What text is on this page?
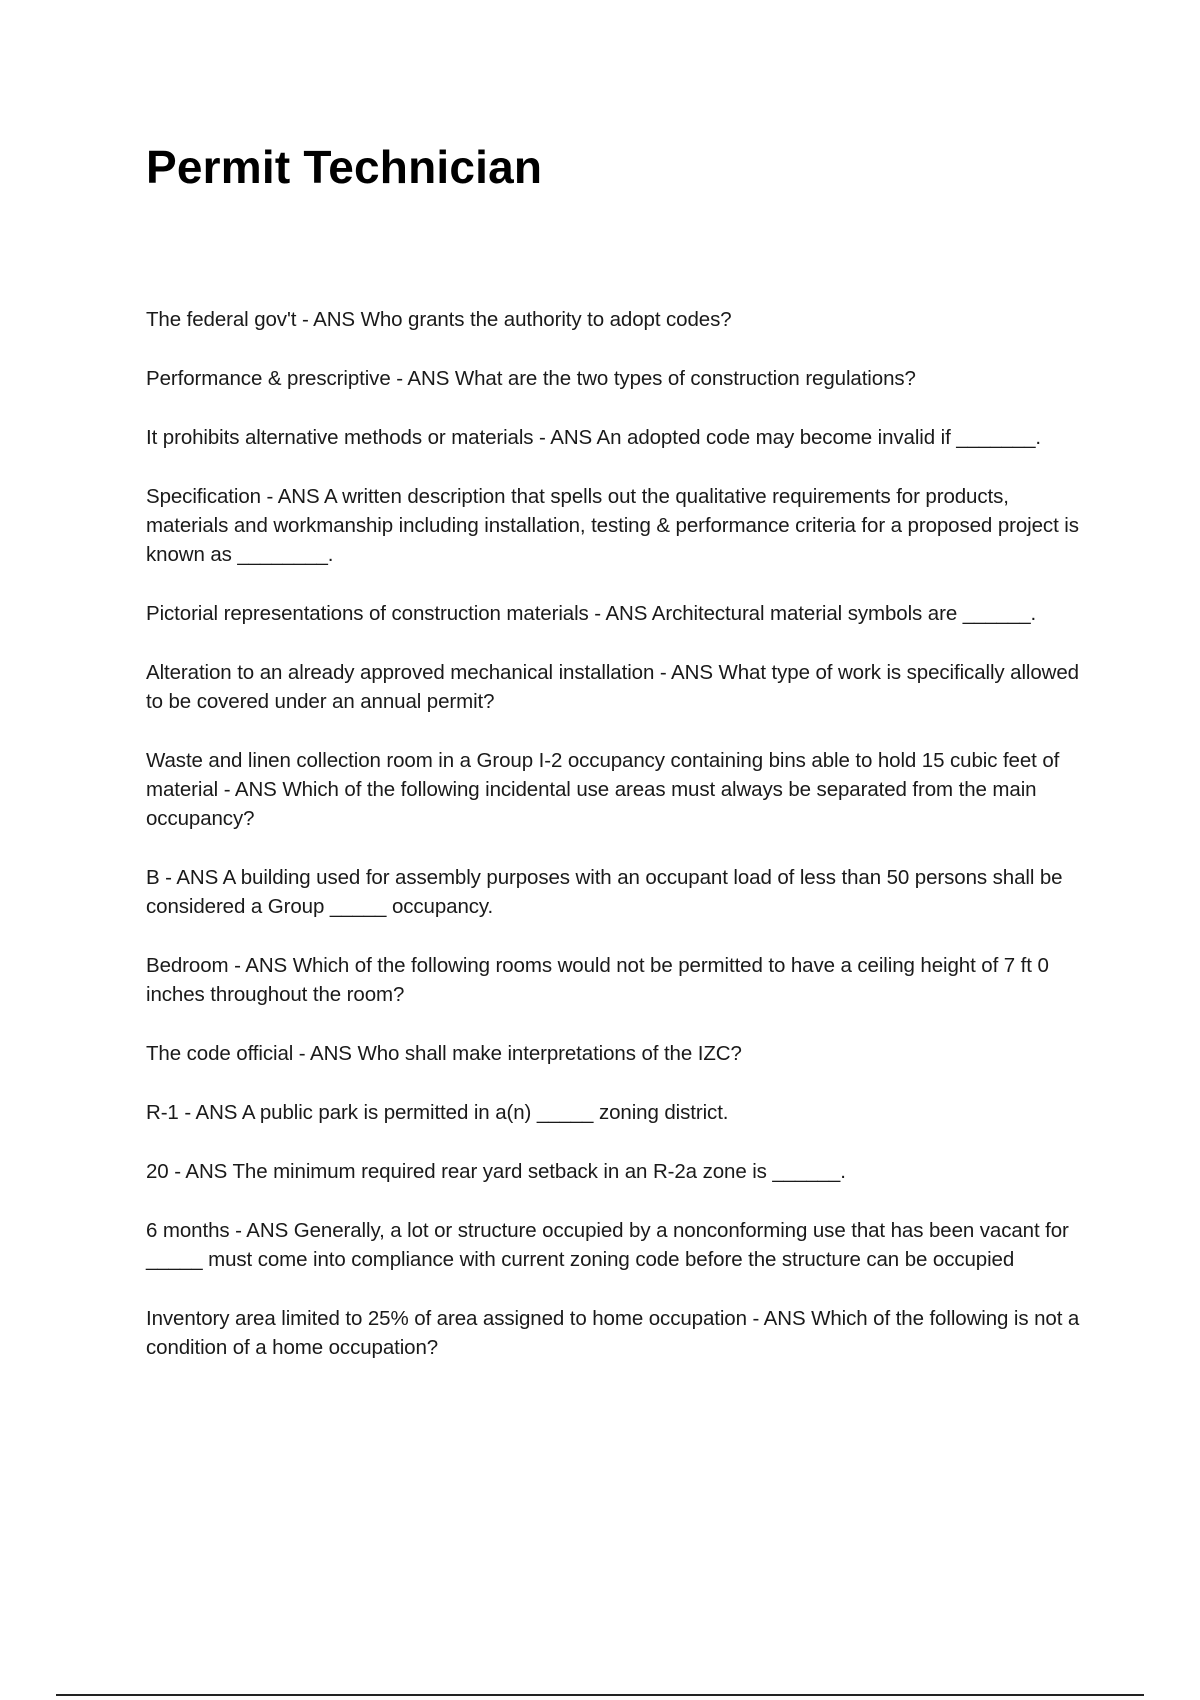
Permit Technician
The federal gov't - ANS Who grants the authority to adopt codes?
Performance & prescriptive - ANS What are the two types of construction regulations?
It prohibits alternative methods or materials - ANS An adopted code may become invalid if _______.
Specification - ANS A written description that spells out the qualitative requirements for products, materials and workmanship including installation, testing & performance criteria for a proposed project is known as ________.
Pictorial representations of construction materials - ANS Architectural material symbols are ______.
Alteration to an already approved mechanical installation - ANS What type of work is specifically allowed to be covered under an annual permit?
Waste and linen collection room in a Group I-2 occupancy containing bins able to hold 15 cubic feet of material - ANS Which of the following incidental use areas must always be separated from the main occupancy?
B - ANS A building used for assembly purposes with an occupant load of less than 50 persons shall be considered a Group _____ occupancy.
Bedroom - ANS Which of the following rooms would not be permitted to have a ceiling height of 7 ft 0 inches throughout the room?
The code official - ANS Who shall make interpretations of the IZC?
R-1 - ANS A public park is permitted in a(n) _____ zoning district.
20 - ANS The minimum required rear yard setback in an R-2a zone is ______.
6 months - ANS Generally, a lot or structure occupied by a nonconforming use that has been vacant for _____ must come into compliance with current zoning code before the structure can be occupied
Inventory area limited to 25% of area assigned to home occupation - ANS Which of the following is not a condition of a home occupation?
